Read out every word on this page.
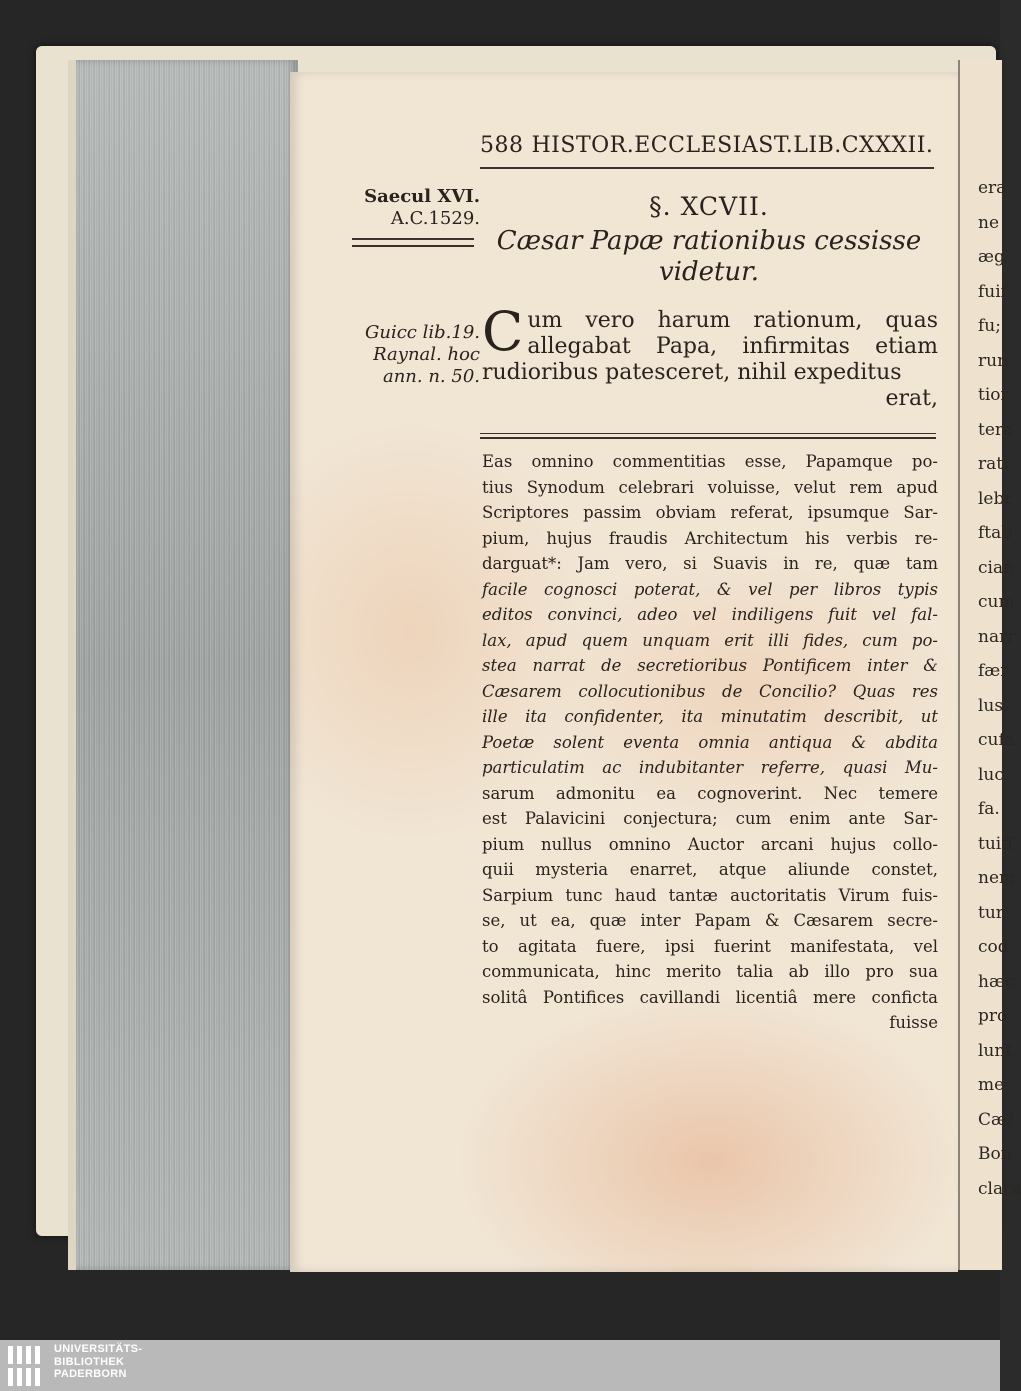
era
ne
æg
fuif
fu;
run
tior
tera
rati
lebr
ftab
cian
cum
narr
fær
lus,
cufa
luc
fa.
tuiff
nem
tur,
cod
hæc
pro
lunt
me
Cæf
Bon
clara
588 HISTOR.ECCLESIAST.LIB.CXXXII.
Saecul XVI.
A.C.1529.
Guicc lib.19.
Raynal. hoc
ann. n. 50.
§. XCVII.
Cæsar Papæ rationibus cessisse
videtur.
Cum vero harum rationum, quas allegabat Papa, infirmitas etiam rudioribus patesceret, nihil expeditus
erat,
Eas omnino commentitias esse, Papamque po-
tius Synodum celebrari voluisse, velut rem apud
Scriptores passim obviam referat, ipsumque Sar-
pium, hujus fraudis Architectum his verbis re-
darguat*: Jam vero, si Suavis in re, quæ tam
facile cognosci poterat, & vel per libros typis
editos convinci, adeo vel indiligens fuit vel fal-
lax, apud quem unquam erit illi fides, cum po-
stea narrat de secretioribus Pontificem inter &
Cæsarem collocutionibus de Concilio? Quas res
ille ita confidenter, ita minutatim describit, ut
Poetæ solent eventa omnia antiqua & abdita
particulatim ac indubitanter referre, quasi Mu-
sarum admonitu ea cognoverint. Nec temere
est Palavicini conjectura; cum enim ante Sar-
pium nullus omnino Auctor arcani hujus collo-
quii mysteria enarret, atque aliunde constet,
Sarpium tunc haud tantæ auctoritatis Virum fuis-
se, ut ea, quæ inter Papam & Cæsarem secre-
to agitata fuere, ipsi fuerint manifestata, vel
communicata, hinc merito talia ab illo pro sua
solitâ Pontifices cavillandi licentiâ mere conficta
fuisse
UNIVERSITÄTS-
BIBLIOTHEK
PADERBORN
